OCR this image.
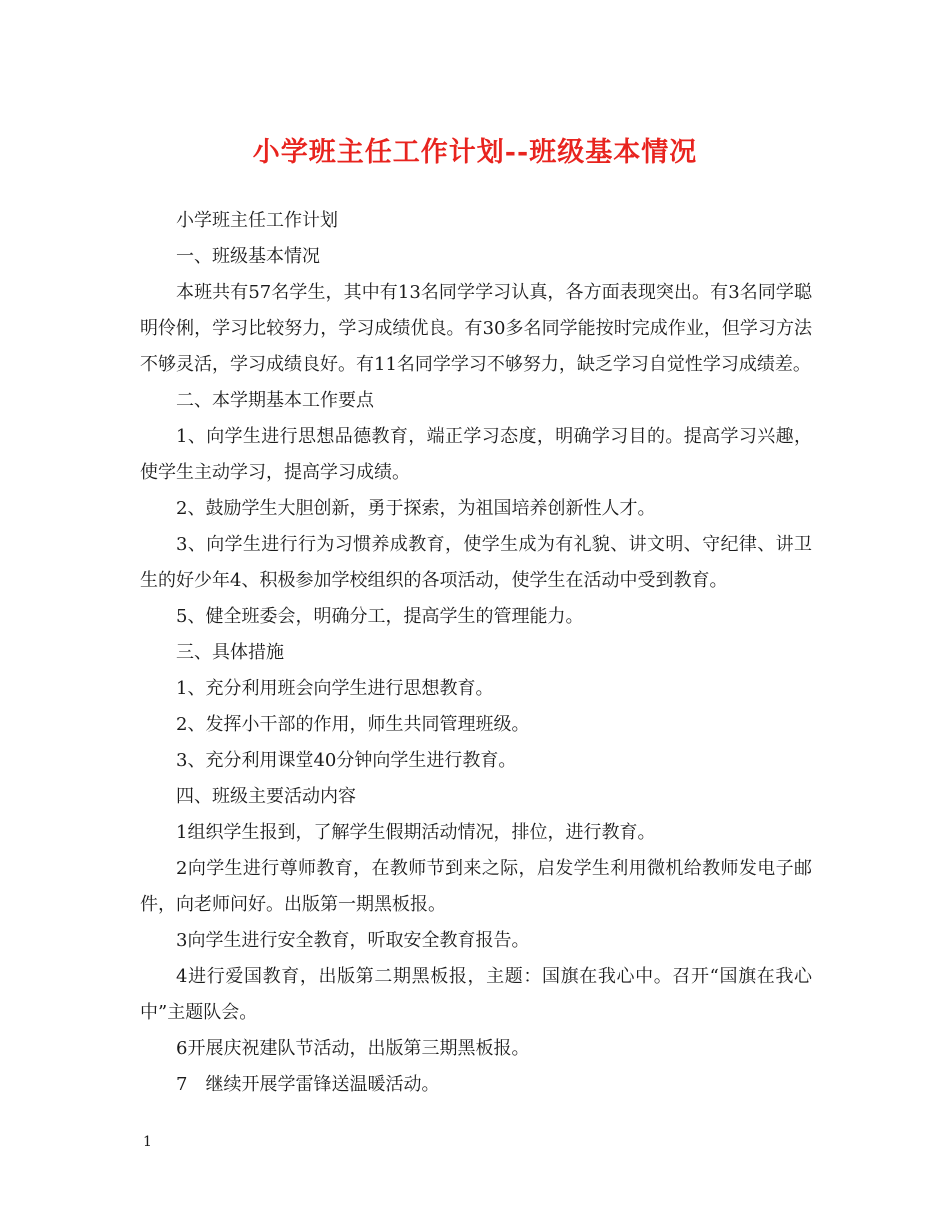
小学班主任工作计划--班级基本情况

小学班主任工作计划

一、班级基本情况

本班共有57名学生，其中有13名同学学习认真，各方面表现突出。有3名同学聪明伶俐，学习比较努力，学习成绩优良。有30多名同学能按时完成作业，但学习方法不够灵活，学习成绩良好。有11名同学学习不够努力，缺乏学习自觉性学习成绩差。

二、本学期基本工作要点

1、向学生进行思想品德教育，端正学习态度，明确学习目的。提高学习兴趣，使学生主动学习，提高学习成绩。

2、鼓励学生大胆创新，勇于探索，为祖国培养创新性人才。

3、向学生进行行为习惯养成教育，使学生成为有礼貌、讲文明、守纪律、讲卫生的好少年4、积极参加学校组织的各项活动，使学生在活动中受到教育。

5、健全班委会，明确分工，提高学生的管理能力。

三、具体措施

1、充分利用班会向学生进行思想教育。

2、发挥小干部的作用，师生共同管理班级。

3、充分利用课堂40分钟向学生进行教育。

四、班级主要活动内容

1组织学生报到，了解学生假期活动情况，排位，进行教育。

2向学生进行尊师教育，在教师节到来之际，启发学生利用微机给教师发电子邮件，向老师问好。出版第一期黑板报。

3向学生进行安全教育，听取安全教育报告。

4进行爱国教育，出版第二期黑板报，主题：国旗在我心中。召开“国旗在我心中”主题队会。

6开展庆祝建队节活动，出版第三期黑板报。

7　继续开展学雷锋送温暖活动。

1
